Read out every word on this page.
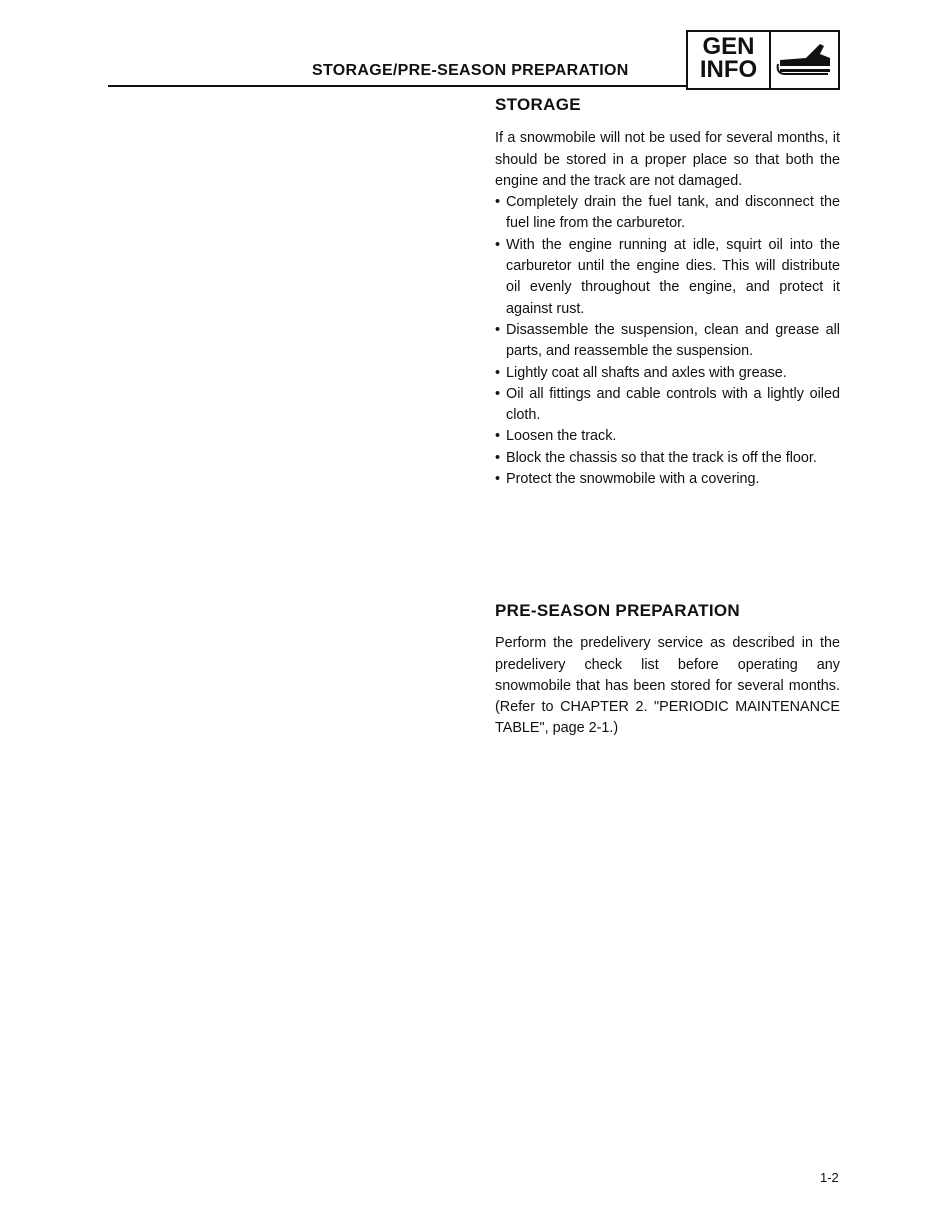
STORAGE/PRE-SEASON PREPARATION
GEN
INFO
STORAGE

If a snowmobile will not be used for several months, it should be stored in a proper place so that both the engine and the track are not damaged.

• Completely drain the fuel tank, and disconnect the fuel line from the carburetor.
• With the engine running at idle, squirt oil into the carburetor until the engine dies. This will distribute oil evenly throughout the engine, and protect it against rust.
• Disassemble the suspension, clean and grease all parts, and reassemble the suspension.
• Lightly coat all shafts and axles with grease.
• Oil all fittings and cable controls with a lightly oiled cloth.
• Loosen the track.
• Block the chassis so that the track is off the floor.
• Protect the snowmobile with a covering.
PRE-SEASON PREPARATION

Perform the predelivery service as described in the predelivery check list before operating any snowmobile that has been stored for several months. (Refer to CHAPTER 2. "PERIODIC MAINTENANCE TABLE", page 2-1.)

1-2
